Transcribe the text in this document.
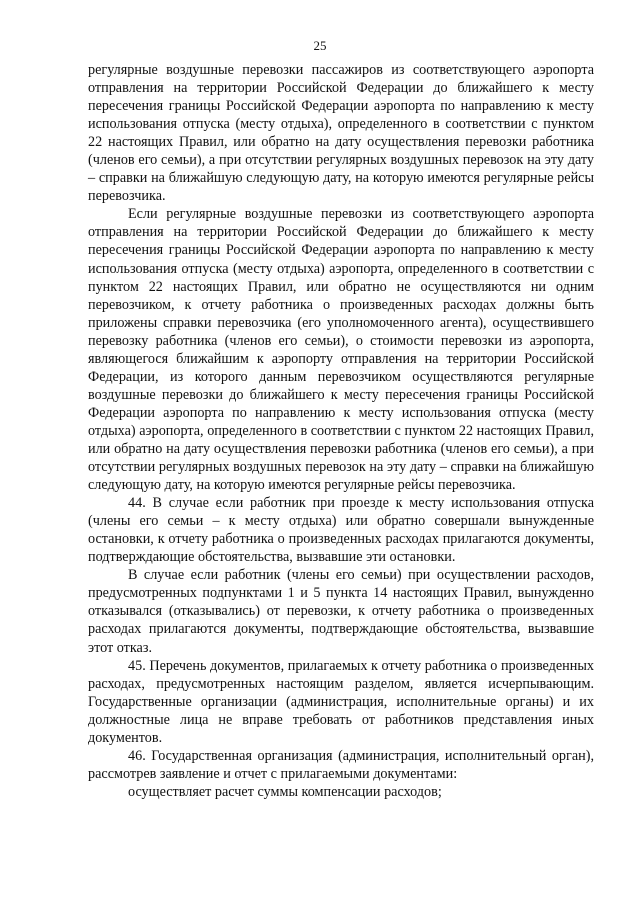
25

регулярные воздушные перевозки пассажиров из соответствующего аэропорта отправления на территории Российской Федерации до ближайшего к месту пересечения границы Российской Федерации аэропорта по направлению к месту использования отпуска (месту отдыха), определенного в соответствии с пунктом 22 настоящих Правил, или обратно на дату осуществления перевозки работника (членов его семьи), а при отсутствии регулярных воздушных перевозок на эту дату – справки на ближайшую следующую дату, на которую имеются регулярные рейсы перевозчика.

Если регулярные воздушные перевозки из соответствующего аэропорта отправления на территории Российской Федерации до ближайшего к месту пересечения границы Российской Федерации аэропорта по направлению к месту использования отпуска (месту отдыха) аэропорта, определенного в соответствии с пунктом 22 настоящих Правил, или обратно не осуществляются ни одним перевозчиком, к отчету работника о произведенных расходах должны быть приложены справки перевозчика (его уполномоченного агента), осуществившего перевозку работника (членов его семьи), о стоимости перевозки из аэропорта, являющегося ближайшим к аэропорту отправления на территории Российской Федерации, из которого данным перевозчиком осуществляются регулярные воздушные перевозки до ближайшего к месту пересечения границы Российской Федерации аэропорта по направлению к месту использования отпуска (месту отдыха) аэропорта, определенного в соответствии с пунктом 22 настоящих Правил, или обратно на дату осуществления перевозки работника (членов его семьи), а при отсутствии регулярных воздушных перевозок на эту дату – справки на ближайшую следующую дату, на которую имеются регулярные рейсы перевозчика.

44. В случае если работник при проезде к месту использования отпуска (члены его семьи – к месту отдыха) или обратно совершали вынужденные остановки, к отчету работника о произведенных расходах прилагаются документы, подтверждающие обстоятельства, вызвавшие эти остановки.

В случае если работник (члены его семьи) при осуществлении расходов, предусмотренных подпунктами 1 и 5 пункта 14 настоящих Правил, вынужденно отказывался (отказывались) от перевозки, к отчету работника о произведенных расходах прилагаются документы, подтверждающие обстоятельства, вызвавшие этот отказ.

45. Перечень документов, прилагаемых к отчету работника о произведенных расходах, предусмотренных настоящим разделом, является исчерпывающим. Государственные организации (администрация, исполнительные органы) и их должностные лица не вправе требовать от работников представления иных документов.

46. Государственная организация (администрация, исполнительный орган), рассмотрев заявление и отчет с прилагаемыми документами:

осуществляет расчет суммы компенсации расходов;
